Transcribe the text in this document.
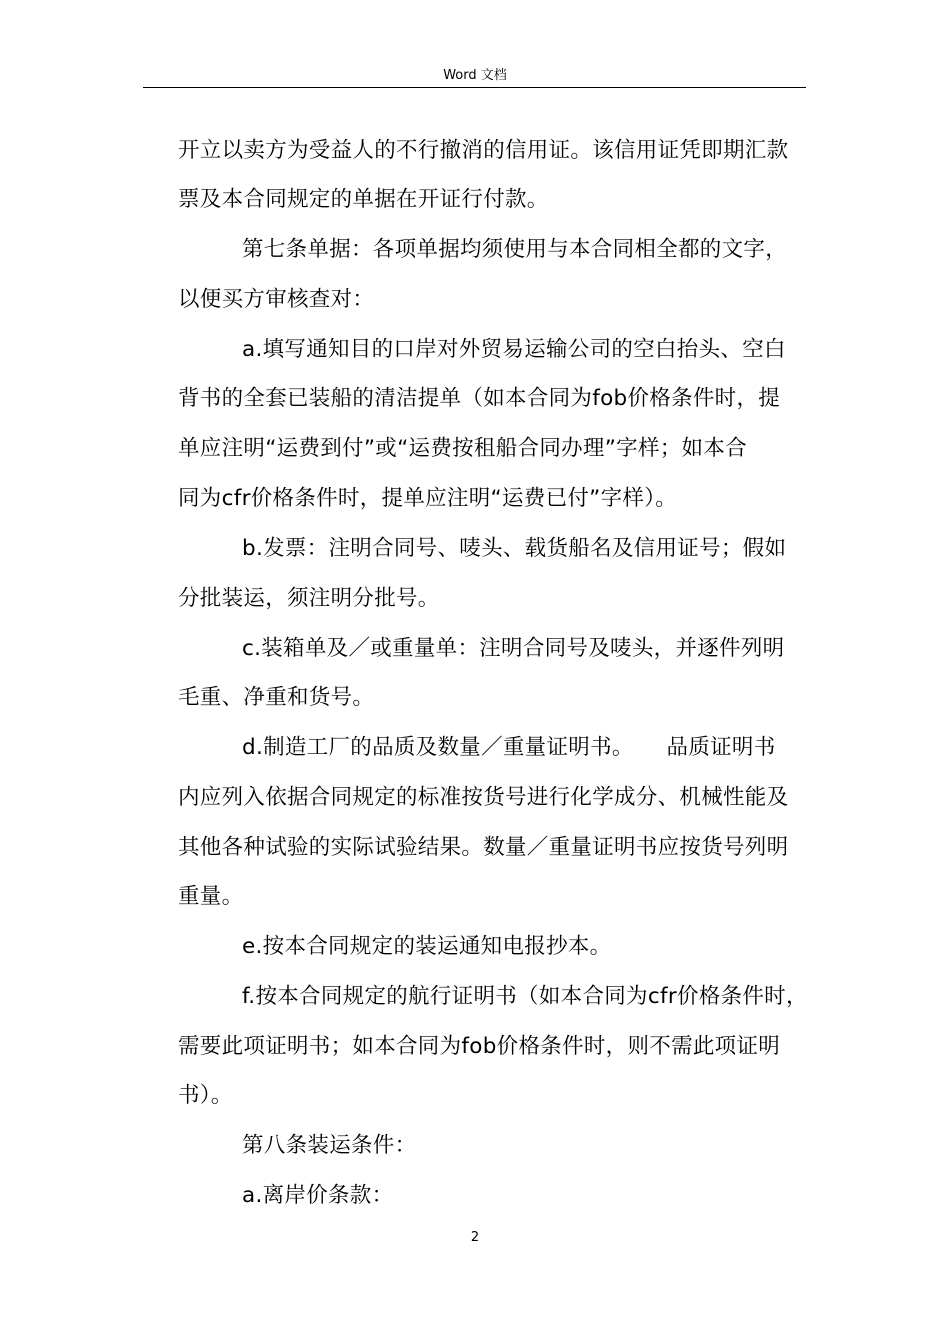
Word 文档
开立以卖方为受益人的不行撤消的信用证。该信用证凭即期汇款
票及本合同规定的单据在开证行付款。
第七条单据：各项单据均须使用与本合同相全都的文字，
以便买方审核查对：
a.填写通知目的口岸对外贸易运输公司的空白抬头、空白
背书的全套已装船的清洁提单（如本合同为fob价格条件时，提
单应注明“运费到付”或“运费按租船合同办理”字样；如本合
同为cfr价格条件时，提单应注明“运费已付”字样）。
b.发票：注明合同号、唛头、载货船名及信用证号；假如
分批装运，须注明分批号。
c.装箱单及／或重量单：注明合同号及唛头，并逐件列明
毛重、净重和货号。
d.制造工厂的品质及数量／重量证明书。　　品质证明书
内应列入依据合同规定的标准按货号进行化学成分、机械性能及
其他各种试验的实际试验结果。数量／重量证明书应按货号列明
重量。
e.按本合同规定的装运通知电报抄本。
f.按本合同规定的航行证明书（如本合同为cfr价格条件时，
需要此项证明书；如本合同为fob价格条件时，则不需此项证明
书）。
第八条装运条件：
a.离岸价条款：
2
